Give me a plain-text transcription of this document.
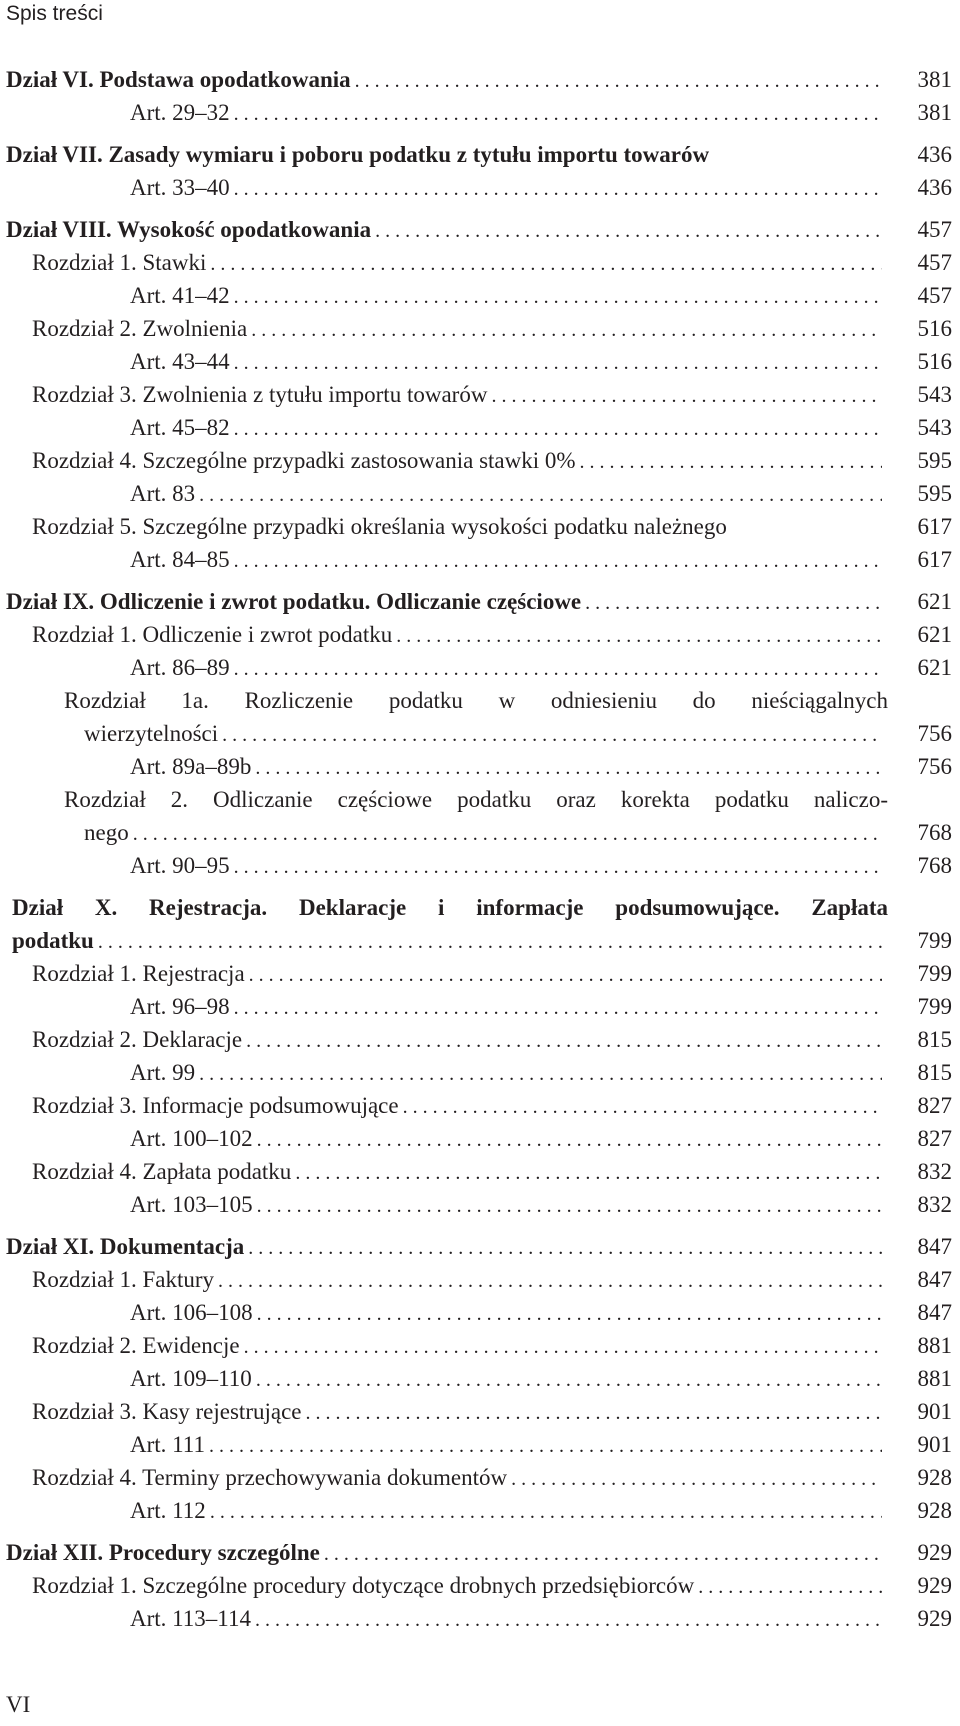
Spis treści
Dział VI. Podstawa opodatkowania . . .	381
Art. 29–32 . . .	381
Dział VII. Zasady wymiaru i poboru podatku z tytułu importu towarów	436
Art. 33–40 . . .	436
Dział VIII. Wysokość opodatkowania . . .	457
Rozdział 1. Stawki . . .	457
Art. 41–42 . . .	457
Rozdział 2. Zwolnienia . . .	516
Art. 43–44 . . .	516
Rozdział 3. Zwolnienia z tytułu importu towarów . . .	543
Art. 45–82 . . .	543
Rozdział 4. Szczególne przypadki zastosowania stawki 0% . . .	595
Art. 83 . . .	595
Rozdział 5. Szczególne przypadki określania wysokości podatku należnego	617
Art. 84–85 . . .	617
Dział IX. Odliczenie i zwrot podatku. Odliczanie częściowe . . .	621
Rozdział 1. Odliczenie i zwrot podatku . . .	621
Art. 86–89 . . .	621
Rozdział 1a. Rozliczenie podatku w odniesieniu do nieściągalnych
wierzytelności . . .	756
Art. 89a–89b . . .	756
Rozdział 2. Odliczanie częściowe podatku oraz korekta podatku naliczo-
nego . . .	768
Art. 90–95 . . .	768
Dział X. Rejestracja. Deklaracje i informacje podsumowujące. Zapłata
podatku . . .	799
Rozdział 1. Rejestracja . . .	799
Art. 96–98 . . .	799
Rozdział 2. Deklaracje . . .	815
Art. 99 . . .	815
Rozdział 3. Informacje podsumowujące . . .	827
Art. 100–102 . . .	827
Rozdział 4. Zapłata podatku . . .	832
Art. 103–105 . . .	832
Dział XI. Dokumentacja . . .	847
Rozdział 1. Faktury . . .	847
Art. 106–108 . . .	847
Rozdział 2. Ewidencje . . .	881
Art. 109–110 . . .	881
Rozdział 3. Kasy rejestrujące . . .	901
Art. 111 . . .	901
Rozdział 4. Terminy przechowywania dokumentów . . .	928
Art. 112 . . .	928
Dział XII. Procedury szczególne . . .	929
Rozdział 1. Szczególne procedury dotyczące drobnych przedsiębiorców . . .	929
Art. 113–114 . . .	929
VI
